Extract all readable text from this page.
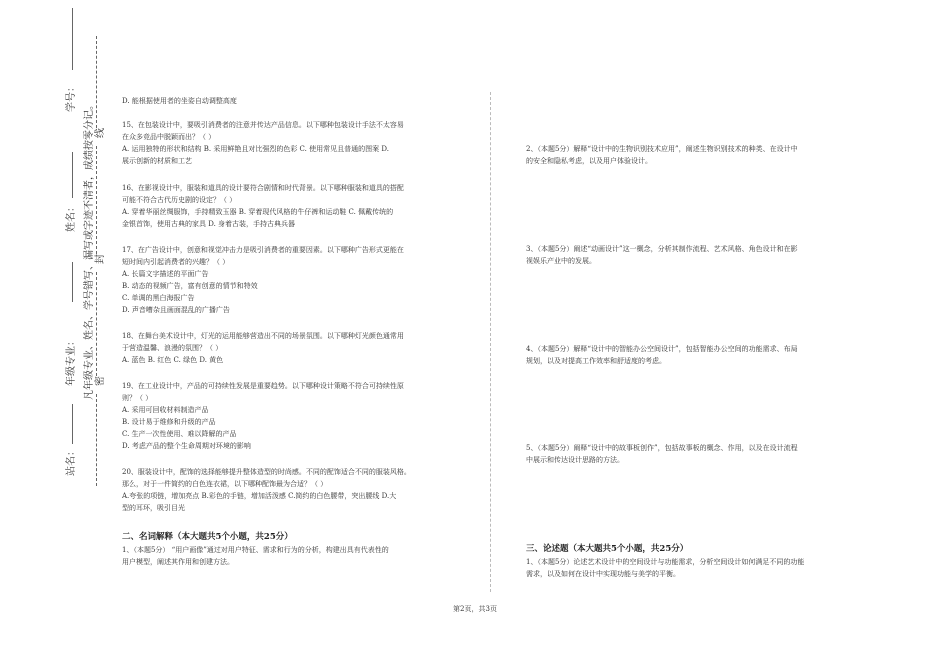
学号：
姓名：
年级专业：
站名：
凡年级专业、姓名、学号错写、漏写或字迹不清者，成绩按零分记。 线
封
密

D. 能根据使用者的坐姿自动调整高度

15、在包装设计中，要吸引消费者的注意并传达产品信息。以下哪种包装设计手法不太容易

在众多竞品中脱颖而出？（ ）

A. 运用独特的形状和结构 B. 采用鲜艳且对比强烈的色彩 C. 使用常见且普通的图案 D.

展示创新的材质和工艺

16、在影视设计中，服装和道具的设计要符合剧情和时代背景。以下哪种服装和道具的搭配

可能不符合古代历史剧的设定？（ ）

A. 穿着华丽丝绸服饰，手持精致玉器 B. 穿着现代风格的牛仔裤和运动鞋 C. 佩戴传统的

金银首饰，使用古典的家具 D. 身着古装，手持古典兵器

17、在广告设计中，创意和视觉冲击力是吸引消费者的重要因素。以下哪种广告形式更能在

短时间内引起消费者的兴趣？（ ）

A. 长篇文字描述的平面广告

B. 动态的视频广告，富有创意的情节和特效

C. 单调的黑白海报广告

D. 声音嘈杂且画面混乱的广播广告

18、在舞台美术设计中，灯光的运用能够营造出不同的场景氛围。以下哪种灯光颜色通常用

于营造温馨、浪漫的氛围？（ ）

A. 蓝色 B. 红色 C. 绿色 D. 黄色

19、在工业设计中，产品的可持续性发展是重要趋势。以下哪种设计策略不符合可持续性原

则？（ ）

A. 采用可回收材料制造产品

B. 设计易于维修和升级的产品

C. 生产一次性使用、难以降解的产品

D. 考虑产品的整个生命周期对环境的影响

20、服装设计中，配饰的选择能够提升整体造型的时尚感。不同的配饰适合不同的服装风格。

那么，对于一件简约的白色连衣裙，以下哪种配饰最为合适？（ ）

A.夸张的项链，增加亮点 B.彩色的手链，增加活泼感 C.简约的白色腰带，突出腰线 D.大

型的耳环，吸引目光

二、名词解释（本大题共5个小题，共25分）

1、（本题5分） “用户画像”通过对用户特征、需求和行为的分析，构建出具有代表性的

用户模型，阐述其作用和创建方法。

2、（本题5分）解释“设计中的生物识别技术应用”，阐述生物识别技术的种类、在设计中

的安全和隐私考虑，以及用户体验设计。

3、（本题5分）阐述“动画设计”这一概念，分析其制作流程、艺术风格、角色设计和在影

视娱乐产业中的发展。

4、（本题5分）解释“设计中的智能办公空间设计”，包括智能办公空间的功能需求、布局

规划，以及对提高工作效率和舒适度的考虑。

5、（本题5分）阐释“设计中的故事板创作”，包括故事板的概念、作用，以及在设计流程

中展示和传达设计思路的方法。

三、论述题（本大题共5个小题，共25分）

1、（本题5分）论述艺术设计中的空间设计与功能需求，分析空间设计如何满足不同的功能

需求，以及如何在设计中实现功能与美学的平衡。

第2页，共3页
